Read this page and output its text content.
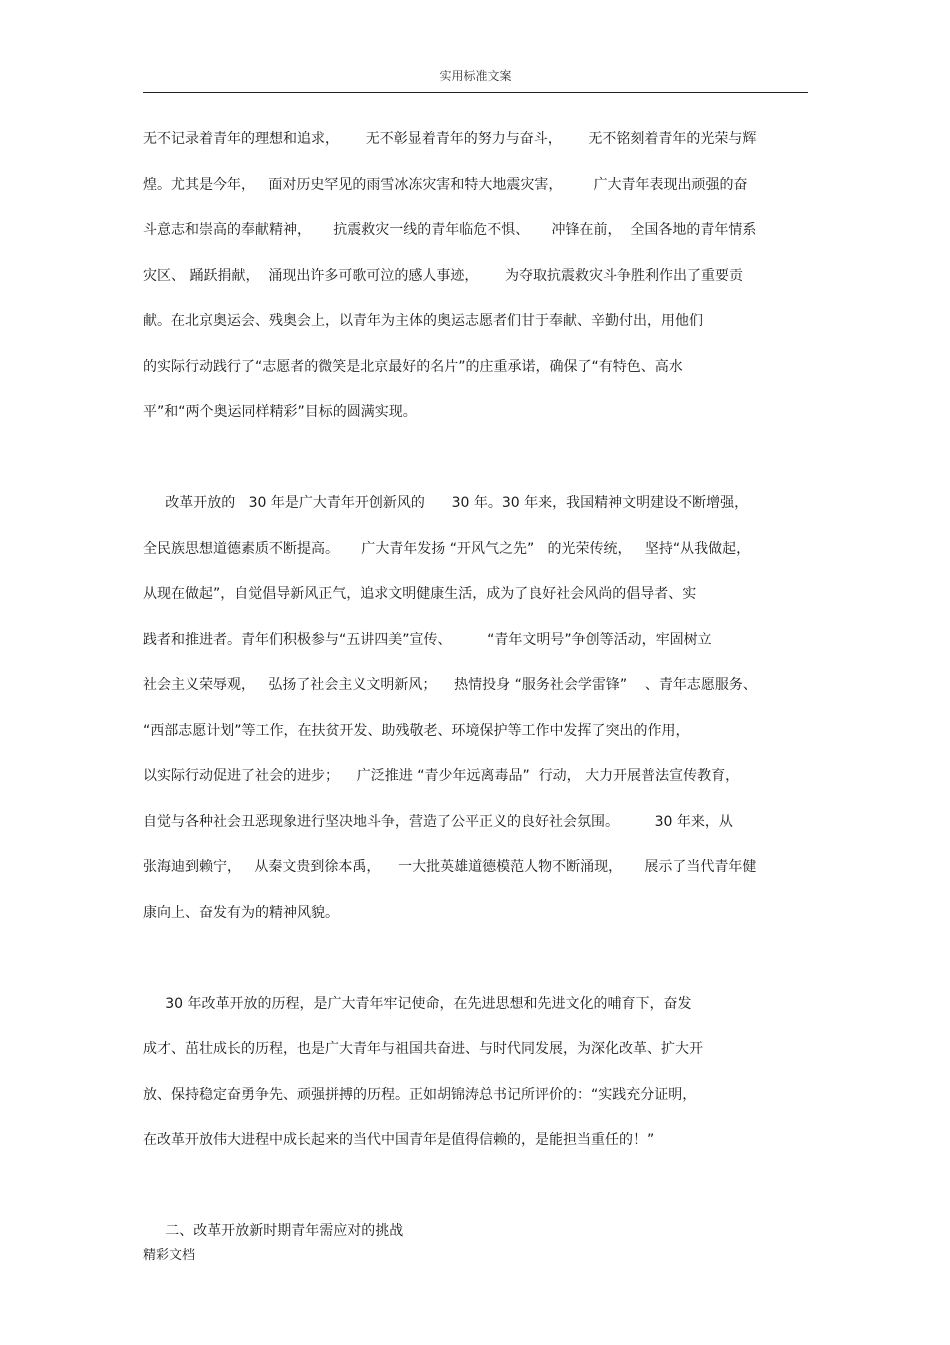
实用标准文案
无不记录着青年的理想和追求，      无不彰显着青年的努力与奋斗，      无不铭刻着青年的光荣与辉
煌。尤其是今年，   面对历史罕见的雨雪冰冻灾害和特大地震灾害，       广大青年表现出顽强的奋
斗意志和崇高的奉献精神，     抗震救灾一线的青年临危不惧、     冲锋在前，  全国各地的青年情系
灾区、 踊跃捐献，  涌现出许多可歌可泣的感人事迹，      为夺取抗震救灾斗争胜利作出了重要贡
献。在北京奥运会、残奥会上，以青年为主体的奥运志愿者们甘于奉献、辛勤付出，用他们
的实际行动践行了“志愿者的微笑是北京最好的名片”的庄重承诺，确保了“有特色、高水
平”和“两个奥运同样精彩”目标的圆满实现。
改革开放的   30 年是广大青年开创新风的      30 年。30 年来，我国精神文明建设不断增强，
全民族思想道德素质不断提高。     广大青年发扬 “开风气之先”   的光荣传统，   坚持“从我做起，
从现在做起”，自觉倡导新风正气，追求文明健康生活，成为了良好社会风尚的倡导者、实
践者和推进者。青年们积极参与“五讲四美”宣传、        “青年文明号”争创等活动，牢固树立
社会主义荣辱观，   弘扬了社会主义文明新风；    热情投身 “服务社会学雷锋”    、青年志愿服务、
“西部志愿计划”等工作，在扶贫开发、助残敬老、环境保护等工作中发挥了突出的作用，
以实际行动促进了社会的进步；    广泛推进 “青少年远离毒品”  行动， 大力开展普法宣传教育，
自觉与各种社会丑恶现象进行坚决地斗争，营造了公平正义的良好社会氛围。        30 年来，从
张海迪到赖宁，   从秦文贵到徐本禹，    一大批英雄道德模范人物不断涌现，     展示了当代青年健
康向上、奋发有为的精神风貌。
30 年改革开放的历程，是广大青年牢记使命，在先进思想和先进文化的哺育下，奋发
成才、茁壮成长的历程，也是广大青年与祖国共奋进、与时代同发展，为深化改革、扩大开
放、保持稳定奋勇争先、顽强拼搏的历程。正如胡锦涛总书记所评价的：“实践充分证明，
在改革开放伟大进程中成长起来的当代中国青年是值得信赖的，是能担当重任的！”
二、改革开放新时期青年需应对的挑战
精彩文档
